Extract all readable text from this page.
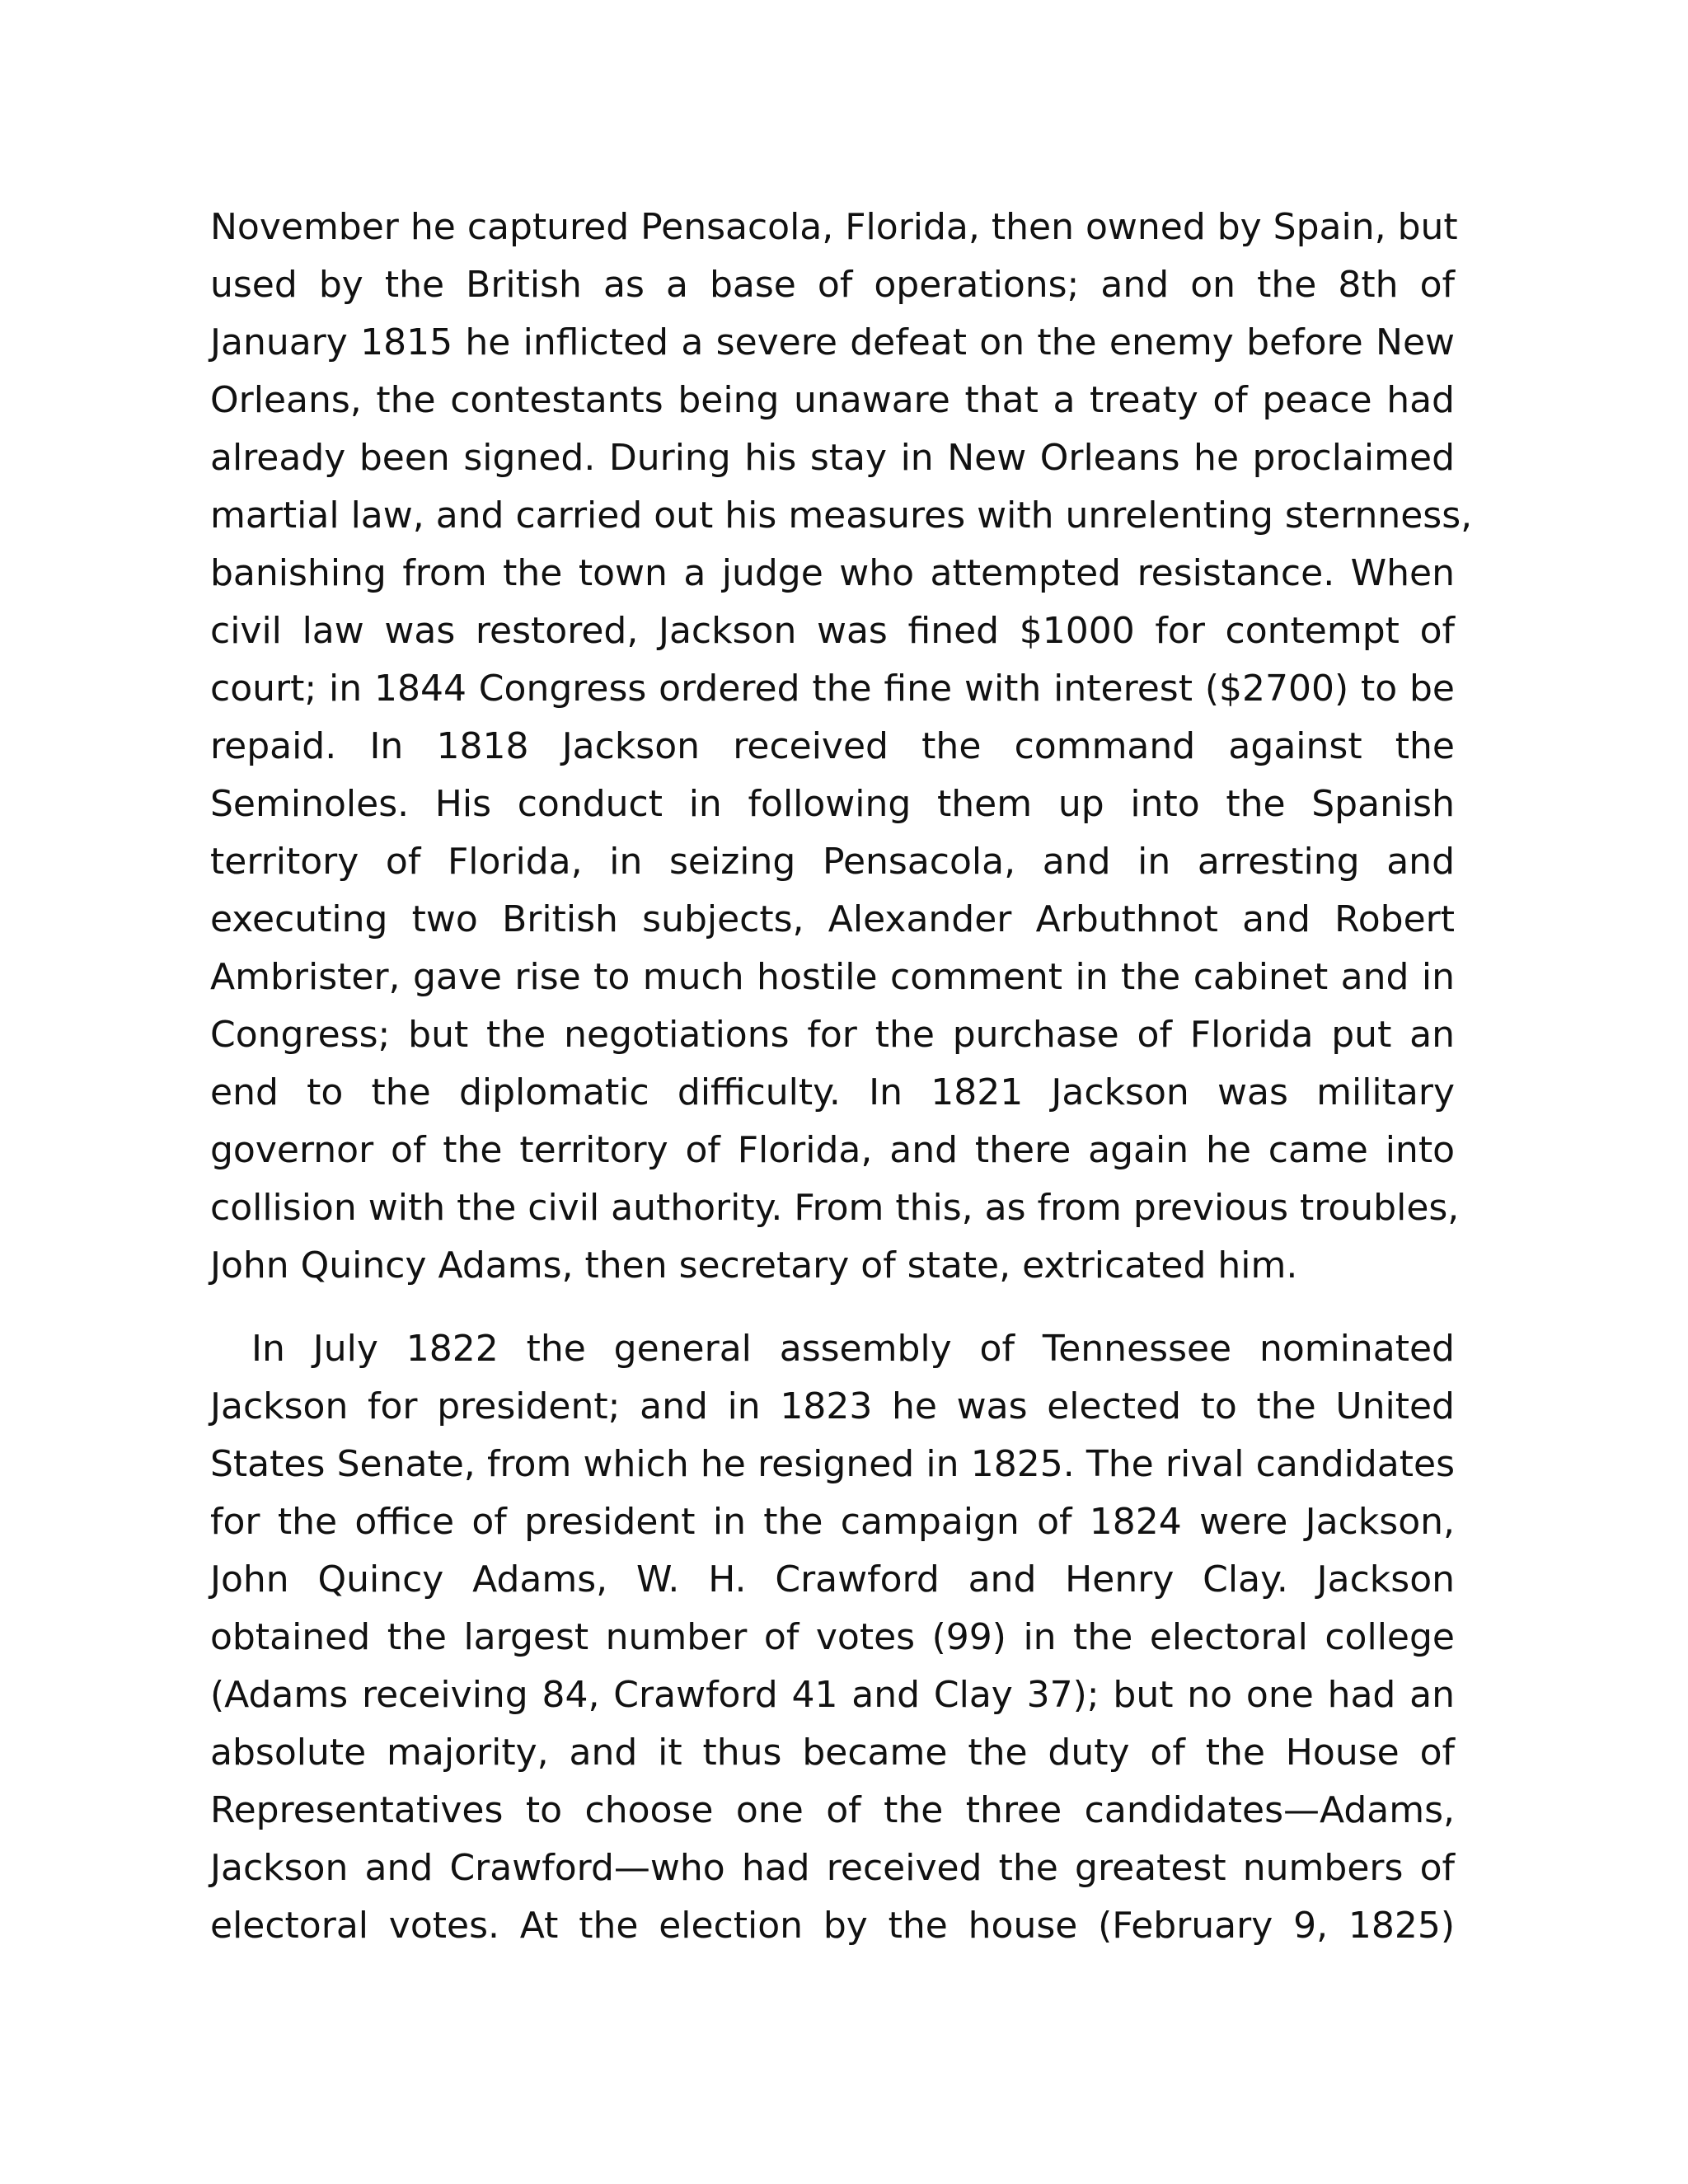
November he captured Pensacola, Florida, then owned by Spain, but
used by the British as a base of operations; and on the 8th of
January 1815 he inflicted a severe defeat on the enemy before New
Orleans, the contestants being unaware that a treaty of peace had
already been signed. During his stay in New Orleans he proclaimed
martial law, and carried out his measures with unrelenting sternness,
banishing from the town a judge who attempted resistance. When
civil law was restored, Jackson was fined $1000 for contempt of
court; in 1844 Congress ordered the fine with interest ($2700) to be
repaid. In 1818 Jackson received the command against the
Seminoles. His conduct in following them up into the Spanish
territory of Florida, in seizing Pensacola, and in arresting and
executing two British subjects, Alexander Arbuthnot and Robert
Ambrister, gave rise to much hostile comment in the cabinet and in
Congress; but the negotiations for the purchase of Florida put an
end to the diplomatic difficulty. In 1821 Jackson was military
governor of the territory of Florida, and there again he came into
collision with the civil authority. From this, as from previous troubles,
John Quincy Adams, then secretary of state, extricated him.
In July 1822 the general assembly of Tennessee nominated
Jackson for president; and in 1823 he was elected to the United
States Senate, from which he resigned in 1825. The rival candidates
for the office of president in the campaign of 1824 were Jackson,
John Quincy Adams, W. H. Crawford and Henry Clay. Jackson
obtained the largest number of votes (99) in the electoral college
(Adams receiving 84, Crawford 41 and Clay 37); but no one had an
absolute majority, and it thus became the duty of the House of
Representatives to choose one of the three candidates—Adams,
Jackson and Crawford—who had received the greatest numbers of
electoral votes. At the election by the house (February 9, 1825)
